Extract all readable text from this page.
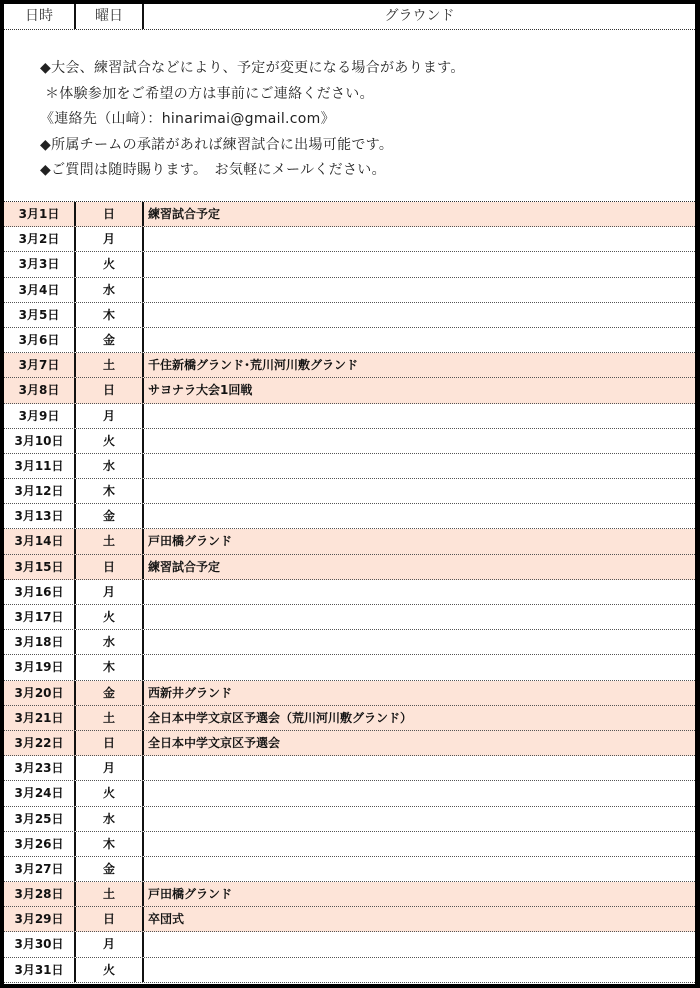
日時	曜日	グラウンド

◆大会、練習試合などにより、予定が変更になる場合があります。

＊体験参加をご希望の方は事前にご連絡ください。

《連絡先（山﨑）：hinarimai@gmail.com》

◆所属チームの承諾があれば練習試合に出場可能です。

◆ご質問は随時賜ります。　お気軽にメールください。

3月1日	日	練習試合予定
3月2日	月
3月3日	火
3月4日	水
3月5日	木
3月6日	金
3月7日	土	千住新橋グランド･荒川河川敷グランド
3月8日	日	サヨナラ大会1回戦
3月9日	月
3月10日	火
3月11日	水
3月12日	木
3月13日	金
3月14日	土	戸田橋グランド
3月15日	日	練習試合予定
3月16日	月
3月17日	火
3月18日	水
3月19日	木
3月20日	金	西新井グランド
3月21日	土	全日本中学文京区予選会（荒川河川敷グランド）
3月22日	日	全日本中学文京区予選会
3月23日	月
3月24日	火
3月25日	水
3月26日	木
3月27日	金
3月28日	土	戸田橋グランド
3月29日	日	卒団式
3月30日	月
3月31日	火
